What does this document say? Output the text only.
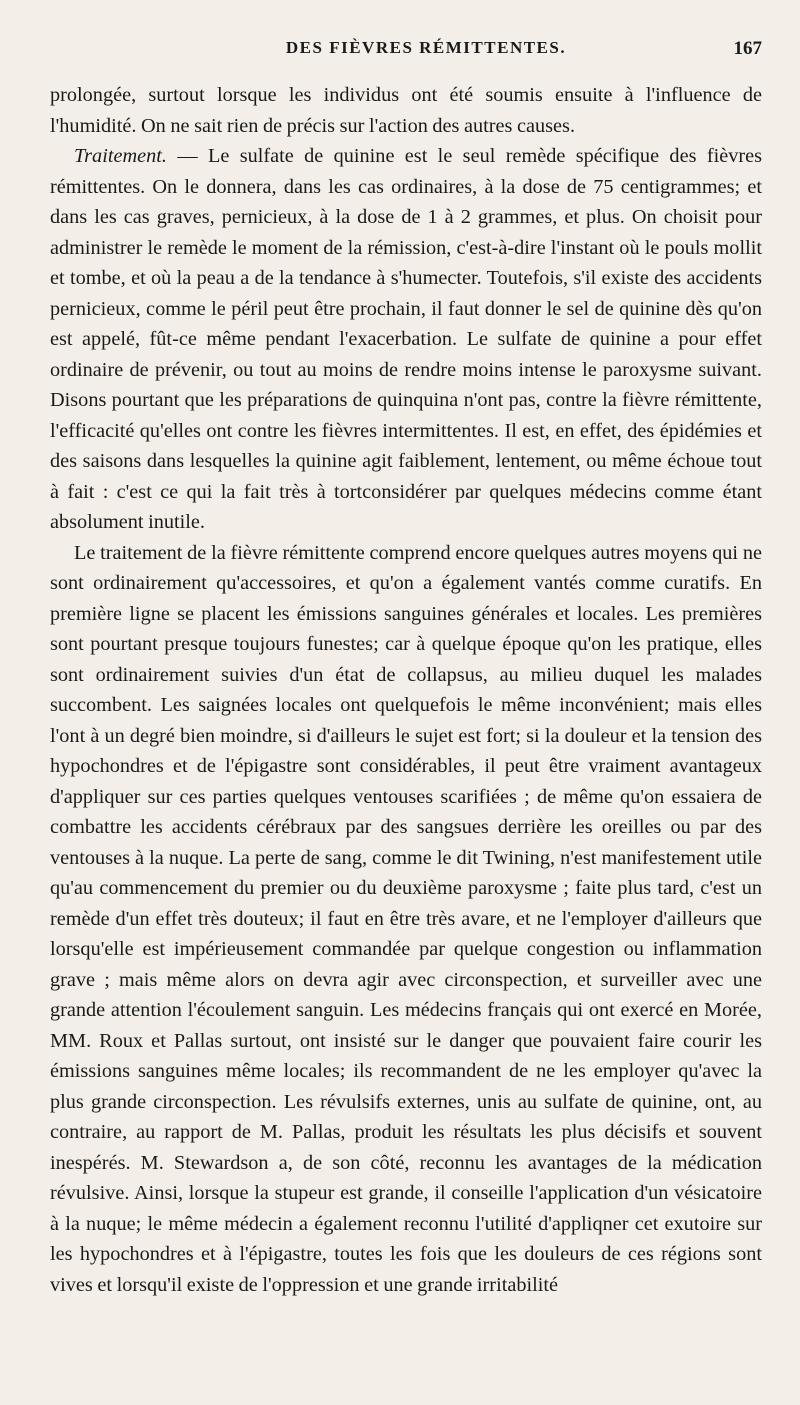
DES FIÈVRES RÉMITTENTES.	167

prolongée, surtout lorsque les individus ont été soumis ensuite à l'influence de l'humidité. On ne sait rien de précis sur l'action des autres causes.

Traitement. — Le sulfate de quinine est le seul remède spécifique des fièvres rémittentes. On le donnera, dans les cas ordinaires, à la dose de 75 centigrammes; et dans les cas graves, pernicieux, à la dose de 1 à 2 grammes, et plus. On choisit pour administrer le remède le moment de la rémission, c'est-à-dire l'instant où le pouls mollit et tombe, et où la peau a de la tendance à s'humecter. Toutefois, s'il existe des accidents pernicieux, comme le péril peut être prochain, il faut donner le sel de quinine dès qu'on est appelé, fût-ce même pendant l'exacerbation. Le sulfate de quinine a pour effet ordinaire de prévenir, ou tout au moins de rendre moins intense le paroxysme suivant. Disons pourtant que les préparations de quinquina n'ont pas, contre la fièvre rémittente, l'efficacité qu'elles ont contre les fièvres intermittentes. Il est, en effet, des épidémies et des saisons dans lesquelles la quinine agit faiblement, lentement, ou même échoue tout à fait : c'est ce qui la fait très à tortconsidérer par quelques médecins comme étant absolument inutile.

Le traitement de la fièvre rémittente comprend encore quelques autres moyens qui ne sont ordinairement qu'accessoires, et qu'on a également vantés comme curatifs. En première ligne se placent les émissions sanguines générales et locales. Les premières sont pourtant presque toujours funestes; car à quelque époque qu'on les pratique, elles sont ordinairement suivies d'un état de collapsus, au milieu duquel les malades succombent. Les saignées locales ont quelquefois le même inconvénient; mais elles l'ont à un degré bien moindre, si d'ailleurs le sujet est fort; si la douleur et la tension des hypochondres et de l'épigastre sont considérables, il peut être vraiment avantageux d'appliquer sur ces parties quelques ventouses scarifiées ; de même qu'on essaiera de combattre les accidents cérébraux par des sangsues derrière les oreilles ou par des ventouses à la nuque. La perte de sang, comme le dit Twining, n'est manifestement utile qu'au commencement du premier ou du deuxième paroxysme ; faite plus tard, c'est un remède d'un effet très douteux; il faut en être très avare, et ne l'employer d'ailleurs que lorsqu'elle est impérieusement commandée par quelque congestion ou inflammation grave ; mais même alors on devra agir avec circonspection, et surveiller avec une grande attention l'écoulement sanguin. Les médecins français qui ont exercé en Morée, MM. Roux et Pallas surtout, ont insisté sur le danger que pouvaient faire courir les émissions sanguines même locales; ils recommandent de ne les employer qu'avec la plus grande circonspection. Les révulsifs externes, unis au sulfate de quinine, ont, au contraire, au rapport de M. Pallas, produit les résultats les plus décisifs et souvent inespérés. M. Stewardson a, de son côté, reconnu les avantages de la médication révulsive. Ainsi, lorsque la stupeur est grande, il conseille l'application d'un vésicatoire à la nuque; le même médecin a également reconnu l'utilité d'appliqner cet exutoire sur les hypochondres et à l'épigastre, toutes les fois que les douleurs de ces régions sont vives et lorsqu'il existe de l'oppression et une grande irritabilité
